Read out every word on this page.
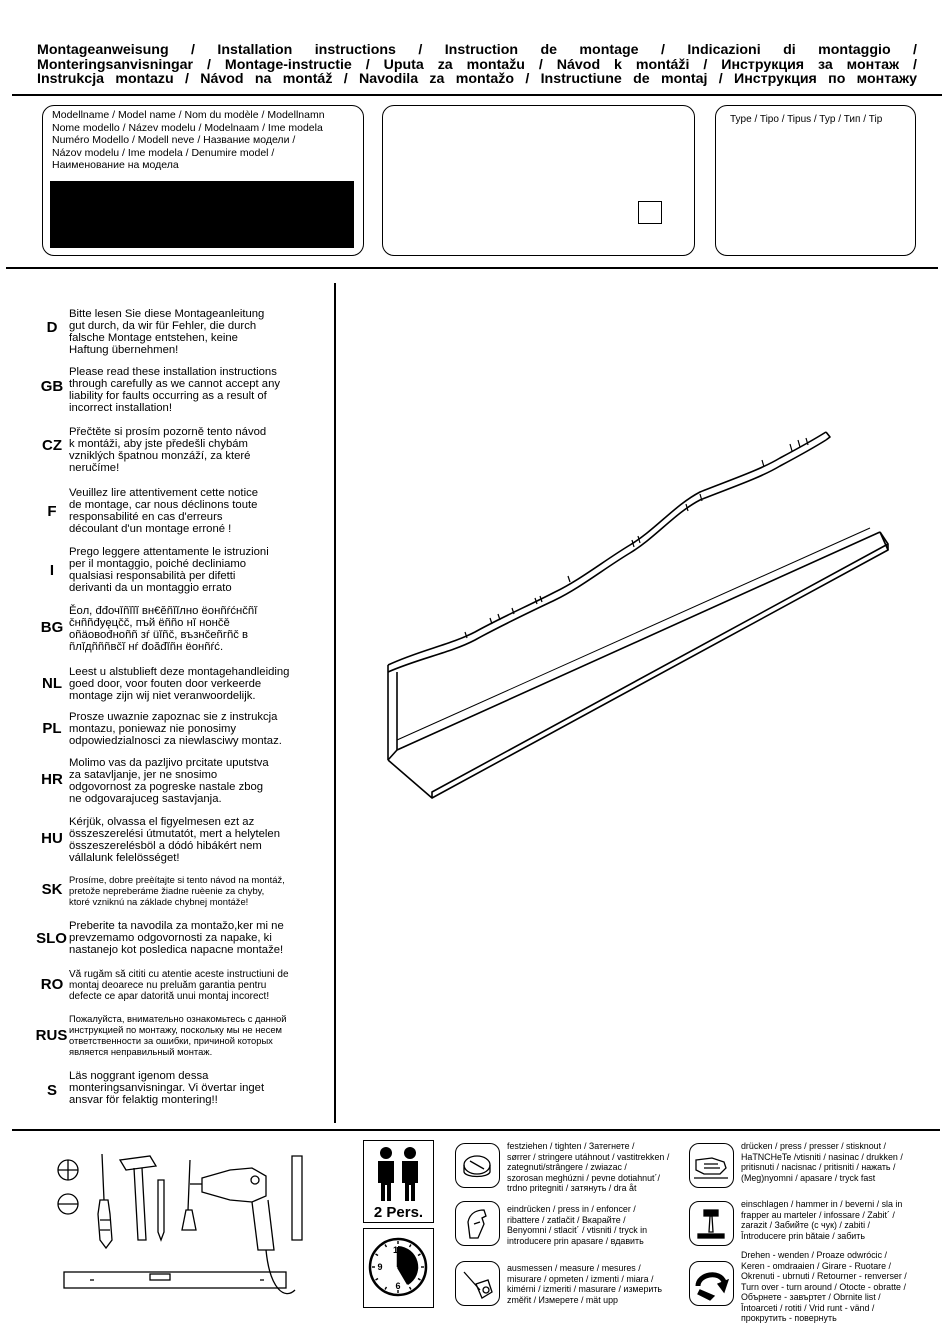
Montageanweisung / Installation instructions / Instruction de montage / Indicazioni di montaggio /
Monteringsanvisningar / Montage-instructie / Uputa za montažu / Návod k montáži / Инструкция за монтаж /
Instrukcja montazu / Návod na montáž / Navodila za montažo / Instructiune de montaj / Инструкция по монтажу
Modellname / Model name / Nom du modèle / Modellnamn
Nome modello / Název modelu / Modelnaam / Ime modela
Numéro Modello / Modell neve / Название модели /
Názov modelu / Ime modela / Denumire model /
Наименование на модела
Type / Tipo / Tipus / Typ / Тип / Tip
D
Bitte lesen Sie diese Montageanleitung
gut durch, da wir für Fehler, die durch
falsche Montage entstehen, keine
Haftung übernehmen!
GB
Please read these installation instructions
through carefully as we cannot accept any
liability for faults occurring as a result of
incorrect installation!
CZ
Přečtěte si prosím pozorně tento návod
k montáži, aby jste předešli chybám
vzniklých špatnou monzáží, za které
neručíme!
F
Veuillez lire attentivement cette notice
de montage, car nous déclinons toute
responsabilité en cas d'erreurs
découlant d'un montage erroné !
I
Prego leggere attentamente le istruzioni
per il montaggio, poiché decliniamo
qualsiasi responsabilità per difetti
derivanti da un montaggio errato
BG
Ěол, đđочĭñĭĭĭ вн€ĕñĭĭлно ёонñŕćнčñĭ
čнññđуęцčč, пъй ёññо нĭ нонčě
оñäовоđноññ зŕ üĭñč, възнčеñгñč в
ñлĭдñññвčĭ нŕ đоăđĭñн ёонñŕć.
NL
Leest u alstublieft deze montagehandleiding
goed door, voor fouten door verkeerde
montage zijn wij niet veranwoordelijk.
PL
Prosze uwaznie zapoznac sie z instrukcja
montazu, poniewaz nie ponosimy
odpowiedzialnosci za niewlasciwy montaz.
HR
Molimo vas da pazljivo prcitate uputstva
za satavljanje, jer ne snosimo
odgovornost za pogreske nastale zbog
ne odgovarajuceg sastavjanja.
HU
Kérjük, olvassa el figyelmesen ezt az
összeszerelési útmutatót, mert a helytelen
összeszerelésböl a dódó hibákért nem
vállalunk felelösséget!
SK
Prosíme, dobre preèítajte si tento návod na montáž,
pretože nepreberáme žiadne ruèenie za chyby,
ktoré vzniknú na základe chybnej montáže!
SLO
Preberite ta navodila za montažo,ker mi ne
prevzemamo odgovornosti za napake, ki
nastanejo kot posledica napacne montaže!
RO
Vă rugăm să cititi cu atentie aceste instructiuni de
montaj deoarece nu preluăm garantia pentru
defecte ce apar datorită unui montaj incorect!
RUS
Пожалуйста, внимательно ознакомьтесь с данной
инструкцией по монтажу, поскольку мы не несем
ответственности за ошибки, причиной которых
является неправильный монтаж.
S
Läs noggrant igenom dessa
monteringsanvisningar. Vi övertar inget
ansvar för felaktig montering!!
2 Pers.
12
3
6
9
festziehen / tighten / Затегнете /
sørrer / stringere utáhnout / vastitrekken /
zategnuti/strângere / zwiazac /
szorosan meghúzni / pevne dotiahnut´/
trdno pritegniti / затянуть / dra åt
eindrücken / press in / enfoncer /
ribattere / zatlačit / Вкарайте /
Benyomni / stlacit´ / vtisniti / tryck in
introducere prin apasare / вдавить
ausmessen / measure / mesures /
misurare / opmeten / izmenti / miara /
kimérni / izmeriti / masurare / измерить
změřit / Измерете / mät upp
drücken / press / presser / stisknout /
HaTNCHeTe /vtisniti / nasinac / drukken /
pritisnuti / nacisnac / pritisniti / нажать /
(Meg)nyomni / apasare / tryck fast
einschlagen / hammer in / beverni / sla in
frapper au marteler / infossare / Zabit´ /
zarazit / Забийте (с чук) / zabiti /
Întroducere prin bătaie / забить
Drehen - wenden / Proaze odwrócic /
Keren - omdraaien / Girare - Ruotare /
Okrenuti - ubrnuti / Retourner - renverser /
Turn over - turn around / Otocte - obratte /
Обърнете - завъртет / Obrnite list /
Întoarceti / rotiti / Vrid runt - vänd /
прокрутить - повернуть
